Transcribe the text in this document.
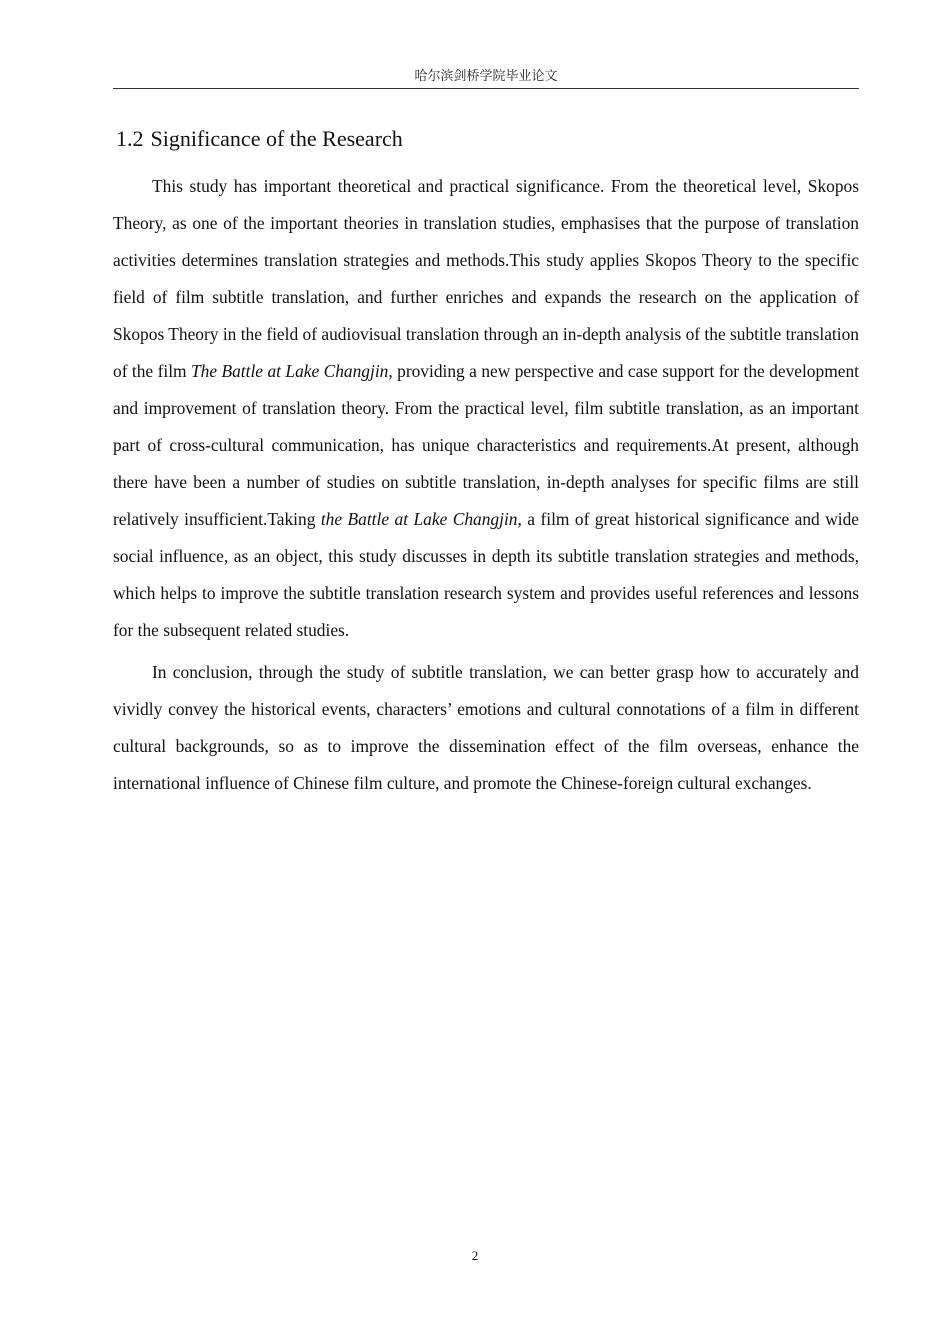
哈尔滨剑桥学院毕业论文
1.2 Significance of the Research

This study has important theoretical and practical significance. From the theoretical level, Skopos Theory, as one of the important theories in translation studies, emphasises that the purpose of translation activities determines translation strategies and methods.This study applies Skopos Theory to the specific field of film subtitle translation, and further enriches and expands the research on the application of Skopos Theory in the field of audiovisual translation through an in-depth analysis of the subtitle translation of the film The Battle at Lake Changjin, providing a new perspective and case support for the development and improvement of translation theory. From the practical level, film subtitle translation, as an important part of cross-cultural communication, has unique characteristics and requirements.At present, although there have been a number of studies on subtitle translation, in-depth analyses for specific films are still relatively insufficient.Taking the Battle at Lake Changjin, a film of great historical significance and wide social influence, as an object, this study discusses in depth its subtitle translation strategies and methods, which helps to improve the subtitle translation research system and provides useful references and lessons for the subsequent related studies.

In conclusion, through the study of subtitle translation, we can better grasp how to accurately and vividly convey the historical events, characters’ emotions and cultural connotations of a film in different cultural backgrounds, so as to improve the dissemination effect of the film overseas, enhance the international influence of Chinese film culture, and promote the Chinese-foreign cultural exchanges.

2
